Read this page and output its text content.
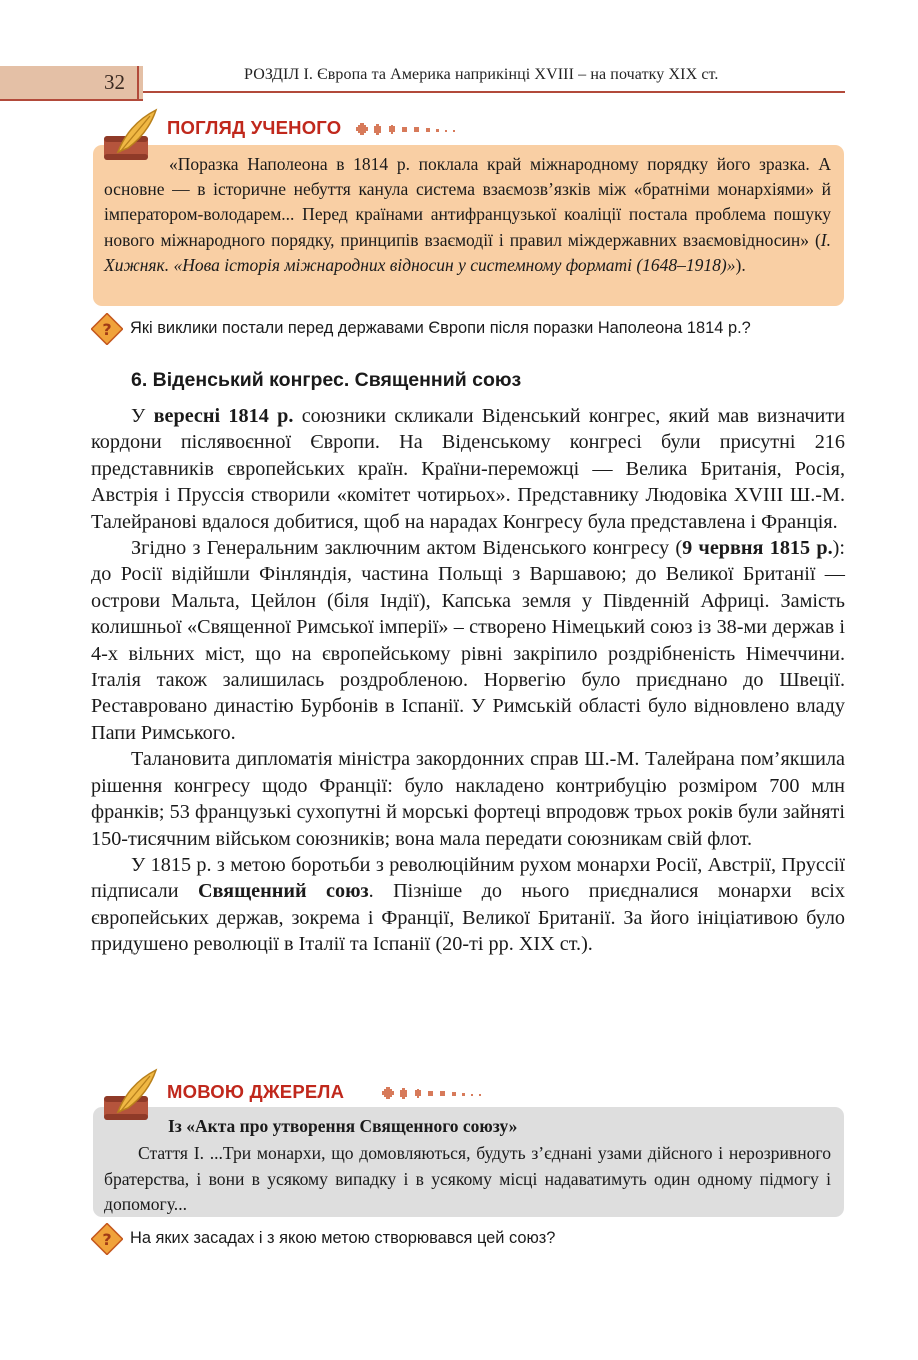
32	РОЗДІЛ І. Європа та Америка наприкінці XVIII – на початку XIX ст.
ПОГЛЯД УЧЕНОГО
«Поразка Наполеона в 1814 р. поклала край міжнародному порядку його зразка. А основне — в історичне небуття канула система взаємозв’язків між «братніми монархіями» й імператором-володарем... Перед країнами антифранцузької коаліції постала проблема пошуку нового міжнародного порядку, принципів взаємодії і правил міждержавних взаємовідносин» (І. Хижняк. «Нова історія міжнародних відносин у системному форматі (1648–1918)»).
? Які виклики постали перед державами Європи після поразки Наполеона 1814 р.?
6. Віденський конгрес. Священний союз

У вересні 1814 р. союзники скликали Віденський конгрес, який мав визначити кордони післявоєнної Європи. На Віденському конгресі були присутні 216 представників європейських країн. Країни-переможці — Велика Британія, Росія, Австрія і Пруссія створили «комітет чотирьох». Представнику Людовіка XVIII Ш.-М. Талейранові вдалося добитися, щоб на нарадах Конгресу була представлена і Франція.

Згідно з Генеральним заключним актом Віденського конгресу (9 червня 1815 р.): до Росії відійшли Фінляндія, частина Польщі з Варшавою; до Великої Британії — острови Мальта, Цейлон (біля Індії), Капська земля у Південній Африці. Замість колишньої «Священної Римської імперії» – створено Німецький союз із 38-ми держав і 4-х вільних міст, що на європейському рівні закріпило роздрібненість Німеччини. Італія також залишилась роздробленою. Норвегію було приєднано до Швеції. Реставровано династію Бурбонів в Іспанії. У Римській області було відновлено владу Папи Римського.

Талановита дипломатія міністра закордонних справ Ш.-М. Талейрана пом’якшила рішення конгресу щодо Франції: було накладено контрибуцію розміром 700 млн франків; 53 французькі сухопутні й морські фортеці впродовж трьох років були зайняті 150-тисячним військом союзників; вона мала передати союзникам свій флот.

У 1815 р. з метою боротьби з революційним рухом монархи Росії, Австрії, Пруссії підписали Священний союз. Пізніше до нього приєдналися монархи всіх європейських держав, зокрема і Франції, Великої Британії. За його ініціативою було придушено революції в Італії та Іспанії (20-ті рр. XIX ст.).

МОВОЮ ДЖЕРЕЛА
Із «Акта про утворення Священного союзу»
Стаття І. ...Три монархи, що домовляються, будуть з’єднані узами дійсного і нерозривного братерства, і вони в усякому випадку і в усякому місці надаватимуть один одному підмогу і допомогу...
? На яких засадах і з якою метою створювався цей союз?
